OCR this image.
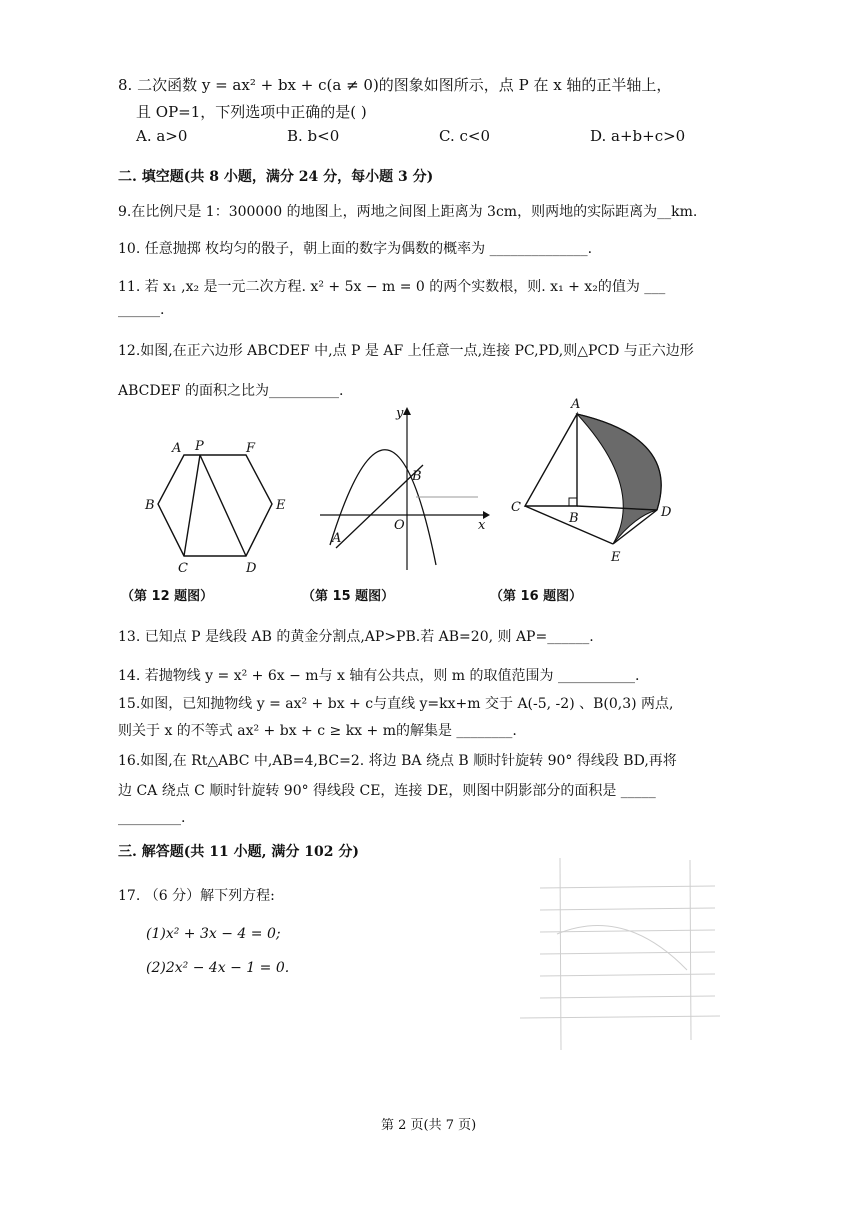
8. 二次函数 y = ax² + bx + c(a ≠ 0)的图象如图所示，点 P 在 x 轴的正半轴上，
且 OP=1，下列选项中正确的是( )
A. a>0	B. b<0	C. c<0	D. a+b+c>0
二. 填空题(共 8 小题，满分 24 分，每小题 3 分)
9.在比例尺是 1：300000 的地图上，两地之间图上距离为 3cm，则两地的实际距离为__km.
10. 任意抛掷 枚均匀的骰子，朝上面的数字为偶数的概率为 ______________.
11. 若 x₁ ,x₂ 是一元二次方程. x² + 5x − m = 0 的两个实数根，则. x₁ + x₂的值为 ___
______.
12.如图,在正六边形 ABCDEF 中,点 P 是 AF 上任意一点,连接 PC,PD,则△PCD 与正六边形
ABCDEF 的面积之比为__________.
A P	F
B	E
C	D
y
B
O	x
A
A
C
B	D
E
（第 12 题图）	（第 15 题图）	（第 16 题图）
13. 已知点 P 是线段 AB 的黄金分割点,AP>PB.若 AB=20, 则 AP=______.
14. 若抛物线 y = x² + 6x − m与 x 轴有公共点，则 m 的取值范围为 ___________.
15.如图，已知抛物线 y = ax² + bx + c与直线 y=kx+m 交于 A(-5, -2) 、B(0,3) 两点,
则关于 x 的不等式 ax² + bx + c ≥ kx + m的解集是 ________.
16.如图,在 Rt△ABC 中,AB=4,BC=2. 将边 BA 绕点 B 顺时针旋转 90° 得线段 BD,再将
边 CA 绕点 C 顺时针旋转 90° 得线段 CE，连接 DE，则图中阴影部分的面积是 _____
_________.
三. 解答题(共 11 小题, 满分 102 分)
17. （6 分）解下列方程:
(1)x² + 3x − 4 = 0;
(2)2x² − 4x − 1 = 0.
第 2 页(共 7 页)
